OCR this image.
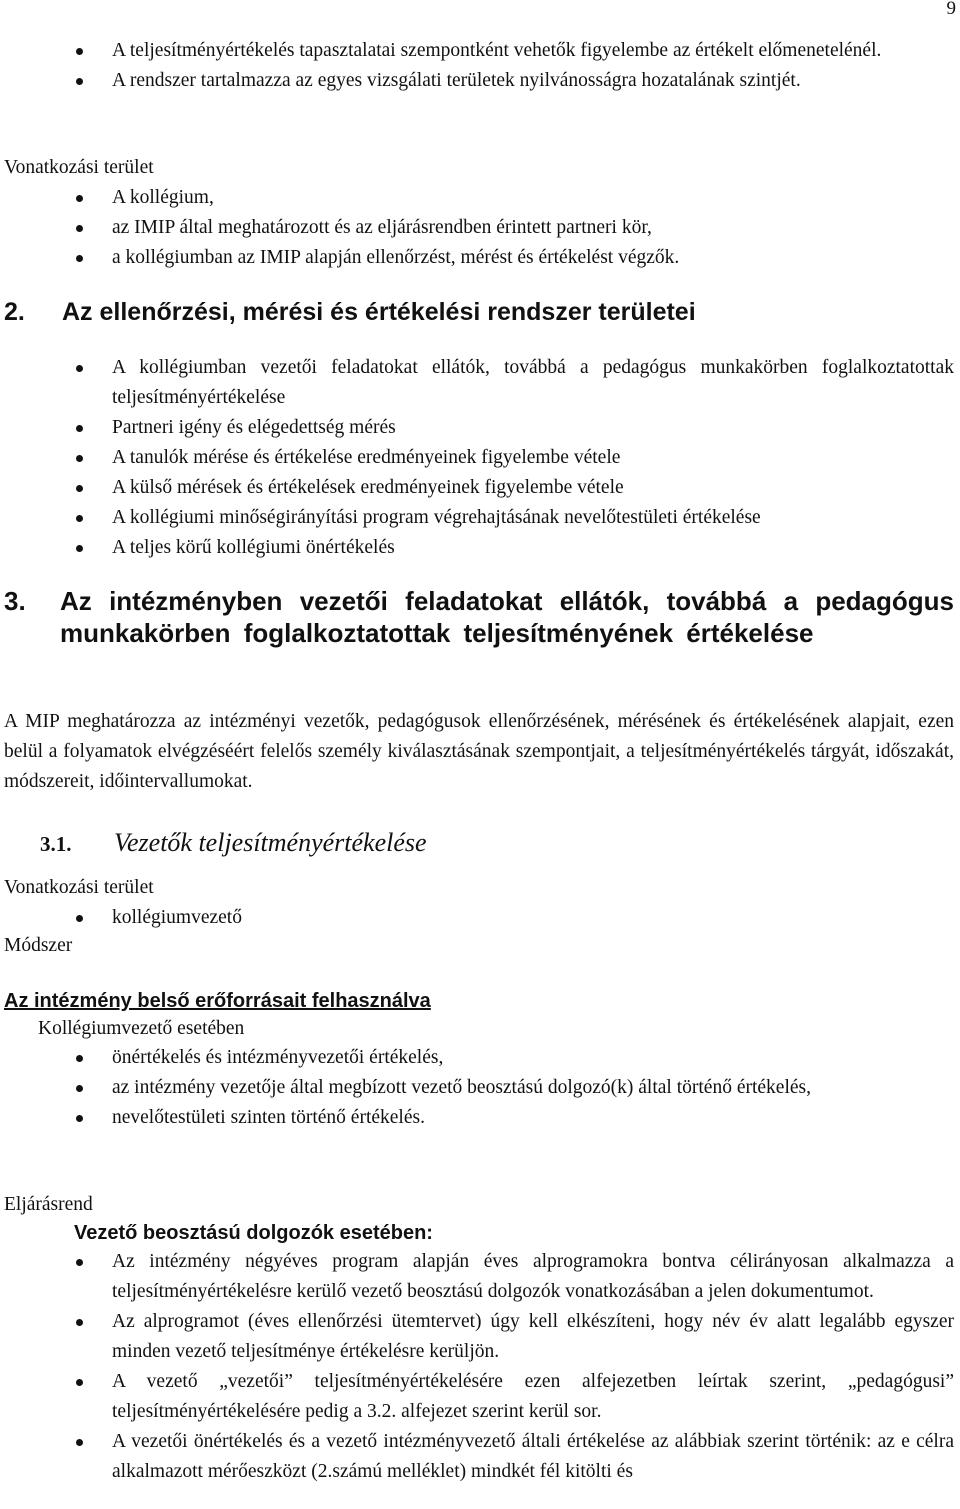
9
A teljesítményértékelés tapasztalatai szempontként vehetők figyelembe az értékelt előmenetelénél.
A rendszer tartalmazza az egyes vizsgálati területek nyilvánosságra hozatalának szintjét.
Vonatkozási terület
A kollégium,
az IMIP által meghatározott és az eljárásrendben érintett partneri kör,
a kollégiumban az IMIP alapján ellenőrzést, mérést és értékelést végzők.
2. Az ellenőrzési, mérési és értékelési rendszer területei
A kollégiumban vezetői feladatokat ellátók, továbbá a pedagógus munkakörben foglalkoztatottak teljesítményértékelése
Partneri igény és elégedettség mérés
A tanulók mérése és értékelése eredményeinek figyelembe vétele
A külső mérések és értékelések eredményeinek figyelembe vétele
A kollégiumi minőségirányítási program végrehajtásának nevelőtestületi értékelése
A teljes körű kollégiumi önértékelés
3. Az intézményben vezetői feladatokat ellátók, továbbá a pedagógus munkakörben foglalkoztatottak teljesítményének értékelése
A MIP meghatározza az intézményi vezetők, pedagógusok ellenőrzésének, mérésének és értékelésének alapjait, ezen belül a folyamatok elvégzéséért felelős személy kiválasztásának szempontjait, a teljesítményértékelés tárgyát, időszakát, módszereit, időintervallumokat.
3.1. Vezetők teljesítményértékelése
Vonatkozási terület
kollégiumvezető
Módszer
Az intézmény belső erőforrásait felhasználva
Kollégiumvezető esetében
önértékelés és intézményvezetői értékelés,
az intézmény vezetője által megbízott vezető beosztású dolgozó(k) által történő értékelés,
nevelőtestületi szinten történő értékelés.
Eljárásrend
Vezető beosztású dolgozók esetében:
Az intézmény négyéves program alapján éves alprogramokra bontva célirányosan alkalmazza a teljesítményértékelésre kerülő vezető beosztású dolgozók vonatkozásában a jelen dokumentumot.
Az alprogramot (éves ellenőrzési ütemtervet) úgy kell elkészíteni, hogy név év alatt legalább egyszer minden vezető teljesítménye értékelésre kerüljön.
A vezető „vezetői” teljesítményértékelésére ezen alfejezetben leírtak szerint, „pedagógusi” teljesítményértékelésére pedig a 3.2. alfejezet szerint kerül sor.
A vezetői önértékelés és a vezető intézményvezető általi értékelése az alábbiak szerint történik: az e célra alkalmazott mérőeszközt (2.számú melléklet) mindkét fél kitölti és
